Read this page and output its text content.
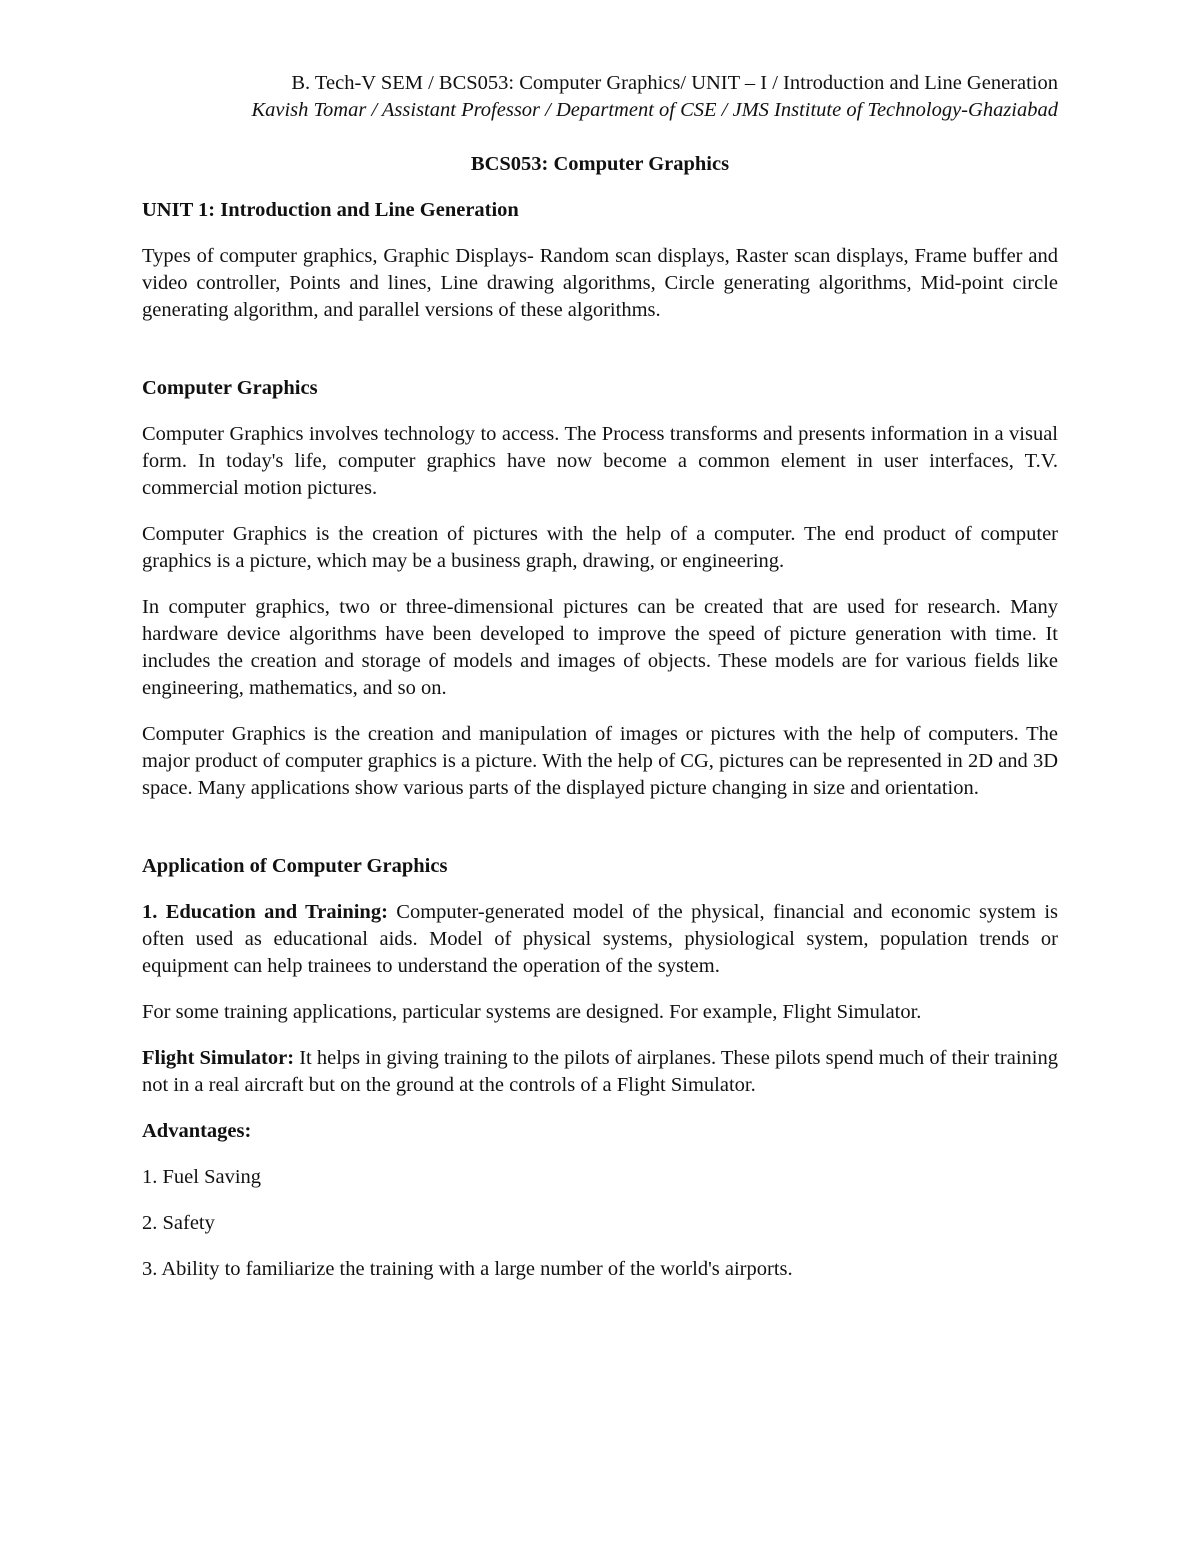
B. Tech-V SEM / BCS053: Computer Graphics/ UNIT – I / Introduction and Line Generation
Kavish Tomar / Assistant Professor / Department of CSE / JMS Institute of Technology-Ghaziabad
BCS053: Computer Graphics
UNIT 1: Introduction and Line Generation

Types of computer graphics, Graphic Displays- Random scan displays, Raster scan displays, Frame buffer and video controller, Points and lines, Line drawing algorithms, Circle generating algorithms, Mid-point circle generating algorithm, and parallel versions of these algorithms.

Computer Graphics

Computer Graphics involves technology to access. The Process transforms and presents information in a visual form. In today's life, computer graphics have now become a common element in user interfaces, T.V. commercial motion pictures.

Computer Graphics is the creation of pictures with the help of a computer. The end product of computer graphics is a picture, which may be a business graph, drawing, or engineering.

In computer graphics, two or three-dimensional pictures can be created that are used for research. Many hardware device algorithms have been developed to improve the speed of picture generation with time. It includes the creation and storage of models and images of objects. These models are for various fields like engineering, mathematics, and so on.

Computer Graphics is the creation and manipulation of images or pictures with the help of computers. The major product of computer graphics is a picture. With the help of CG, pictures can be represented in 2D and 3D space. Many applications show various parts of the displayed picture changing in size and orientation.

Application of Computer Graphics

1. Education and Training: Computer-generated model of the physical, financial and economic system is often used as educational aids. Model of physical systems, physiological system, population trends or equipment can help trainees to understand the operation of the system.

For some training applications, particular systems are designed. For example, Flight Simulator.

Flight Simulator: It helps in giving training to the pilots of airplanes. These pilots spend much of their training not in a real aircraft but on the ground at the controls of a Flight Simulator.

Advantages:
1. Fuel Saving
2. Safety
3. Ability to familiarize the training with a large number of the world's airports.
